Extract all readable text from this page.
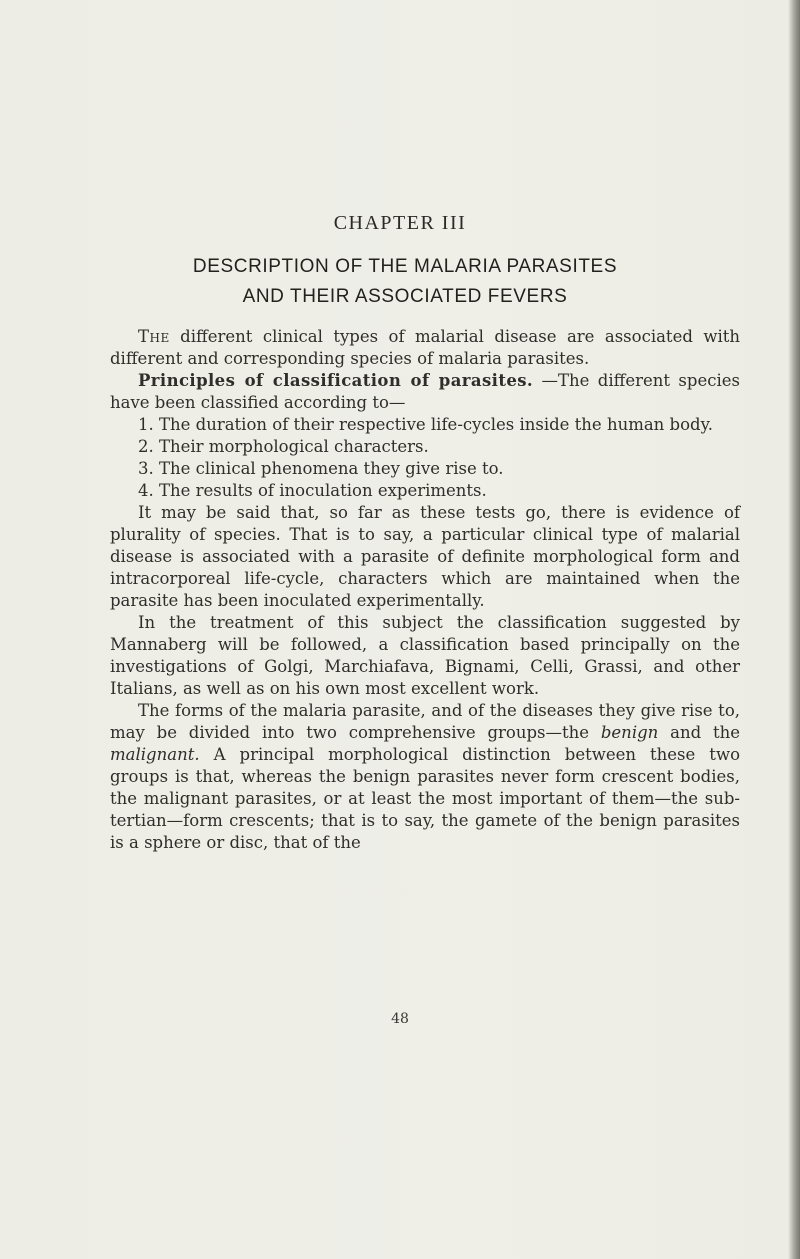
CHAPTER III
DESCRIPTION OF THE MALARIA PARASITES
AND THEIR ASSOCIATED FEVERS

The different clinical types of malarial disease are associated with different and corresponding species of malaria parasites.

Principles of classification of parasites. —The different species have been classified according to—

1. The duration of their respective life-cycles inside the human body.
2. Their morphological characters.
3. The clinical phenomena they give rise to.
4. The results of inoculation experiments.

It may be said that, so far as these tests go, there is evidence of plurality of species. That is to say, a particular clinical type of malarial disease is associated with a parasite of definite morphological form and intracorporeal life-cycle, characters which are maintained when the parasite has been inoculated experimentally.

In the treatment of this subject the classification suggested by Mannaberg will be followed, a classification based principally on the investigations of Golgi, Marchiafava, Bignami, Celli, Grassi, and other Italians, as well as on his own most excellent work.

The forms of the malaria parasite, and of the diseases they give rise to, may be divided into two comprehensive groups—the benign and the malignant. A principal morphological distinction between these two groups is that, whereas the benign parasites never form crescent bodies, the malignant parasites, or at least the most important of them—the sub-tertian—form crescents; that is to say, the gamete of the benign parasites is a sphere or disc, that of the

48
